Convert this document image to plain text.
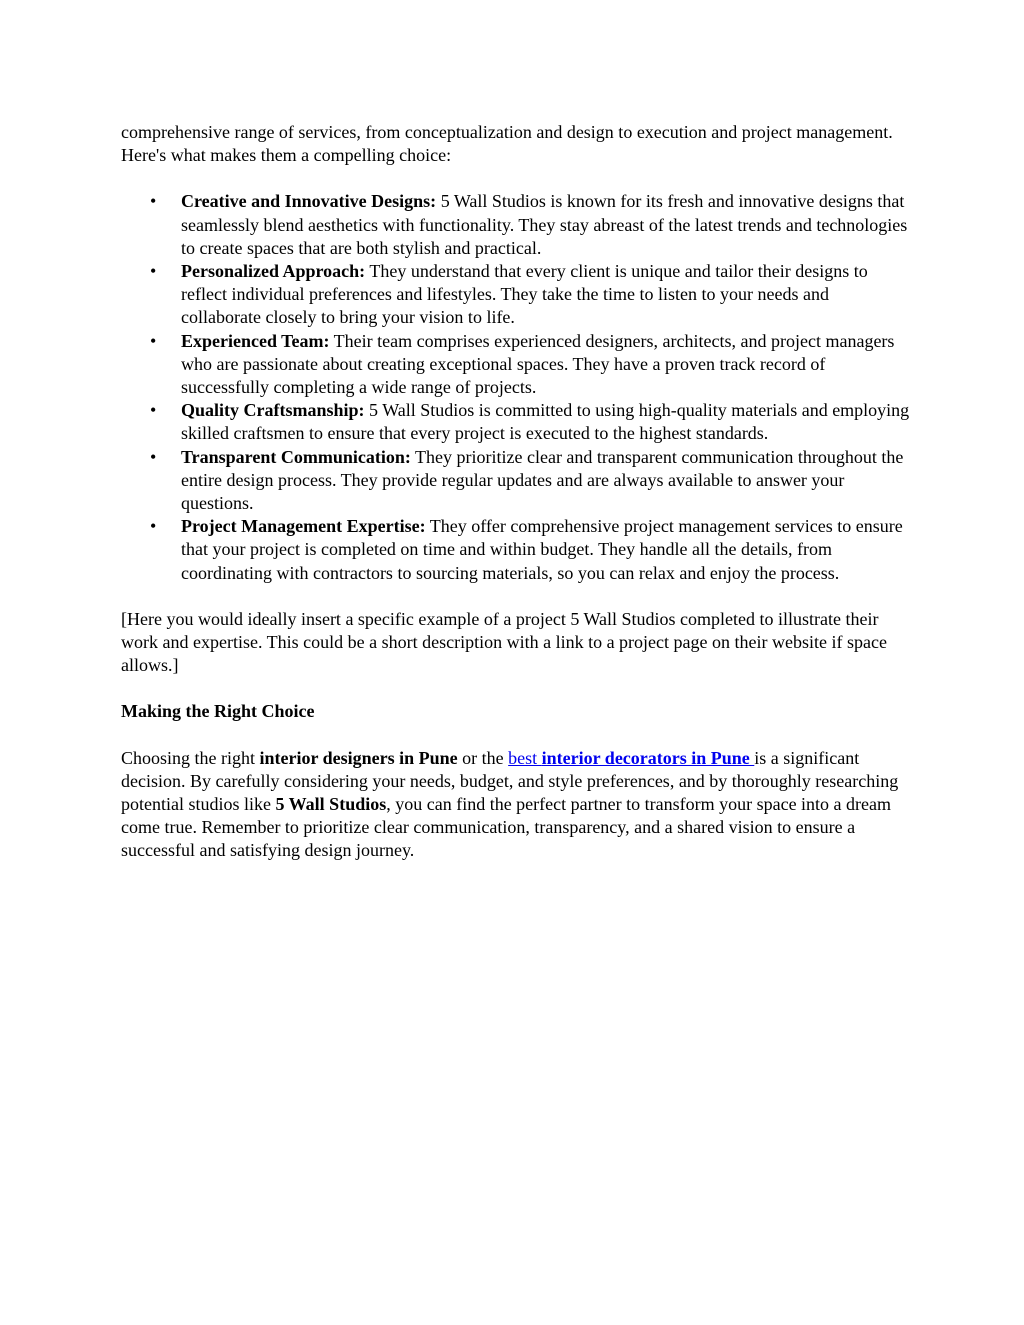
comprehensive range of services, from conceptualization and design to execution and project management. Here's what makes them a compelling choice:

• Creative and Innovative Designs: 5 Wall Studios is known for its fresh and innovative designs that seamlessly blend aesthetics with functionality. They stay abreast of the latest trends and technologies to create spaces that are both stylish and practical.
• Personalized Approach: They understand that every client is unique and tailor their designs to reflect individual preferences and lifestyles. They take the time to listen to your needs and collaborate closely to bring your vision to life.
• Experienced Team: Their team comprises experienced designers, architects, and project managers who are passionate about creating exceptional spaces. They have a proven track record of successfully completing a wide range of projects.
• Quality Craftsmanship: 5 Wall Studios is committed to using high-quality materials and employing skilled craftsmen to ensure that every project is executed to the highest standards.
• Transparent Communication: They prioritize clear and transparent communication throughout the entire design process. They provide regular updates and are always available to answer your questions.
• Project Management Expertise: They offer comprehensive project management services to ensure that your project is completed on time and within budget. They handle all the details, from coordinating with contractors to sourcing materials, so you can relax and enjoy the process.

[Here you would ideally insert a specific example of a project 5 Wall Studios completed to illustrate their work and expertise. This could be a short description with a link to a project page on their website if space allows.]

Making the Right Choice

Choosing the right interior designers in Pune or the best interior decorators in Pune is a significant decision. By carefully considering your needs, budget, and style preferences, and by thoroughly researching potential studios like 5 Wall Studios, you can find the perfect partner to transform your space into a dream come true. Remember to prioritize clear communication, transparency, and a shared vision to ensure a successful and satisfying design journey.
